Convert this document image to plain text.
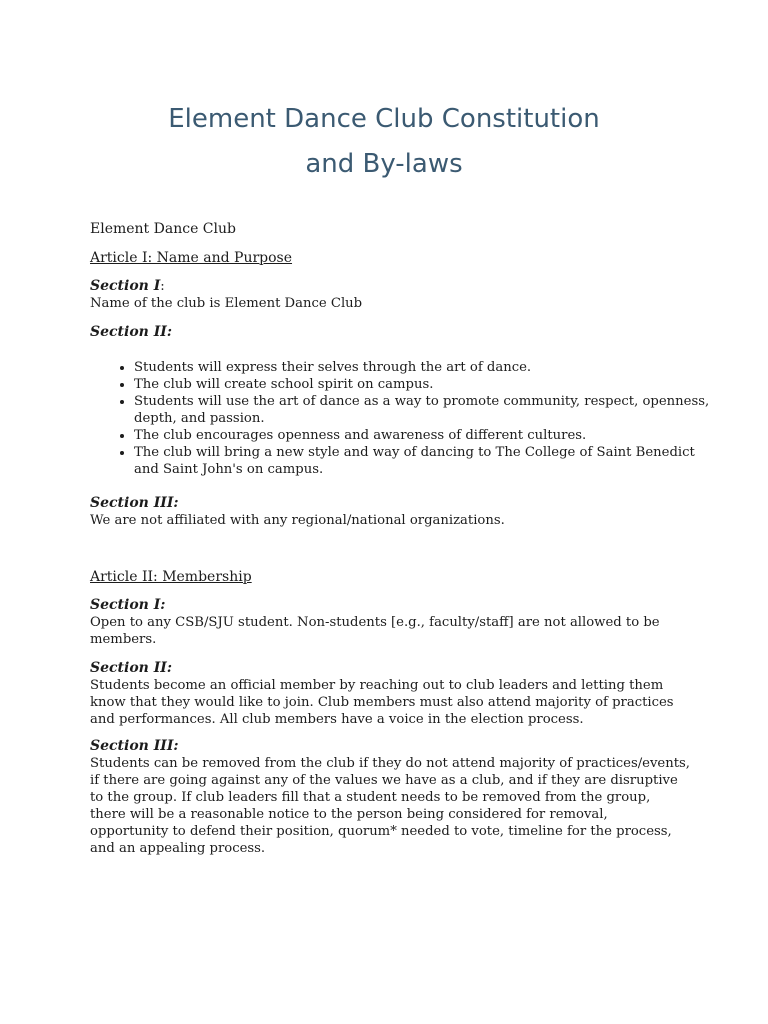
Element Dance Club Constitution
and By-laws

Element Dance Club

Article I: Name and Purpose

Section I:
Name of the club is Element Dance Club
Section II:
• Students will express their selves through the art of dance.
• The club will create school spirit on campus.
• Students will use the art of dance as a way to promote community, respect, openness, depth, and passion.
• The club encourages openness and awareness of different cultures.
• The club will bring a new style and way of dancing to The College of Saint Benedict and Saint John's on campus.
Section III:
We are not affiliated with any regional/national organizations.

Article II: Membership

Section I:
Open to any CSB/SJU student. Non-students [e.g., faculty/staff] are not allowed to be members.
Section II:
Students become an official member by reaching out to club leaders and letting them know that they would like to join. Club members must also attend majority of practices and performances. All club members have a voice in the election process.
Section III:
Students can be removed from the club if they do not attend majority of practices/events, if there are going against any of the values we have as a club, and if they are disruptive to the group. If club leaders fill that a student needs to be removed from the group, there will be a reasonable notice to the person being considered for removal, opportunity to defend their position, quorum* needed to vote, timeline for the process, and an appealing process.
